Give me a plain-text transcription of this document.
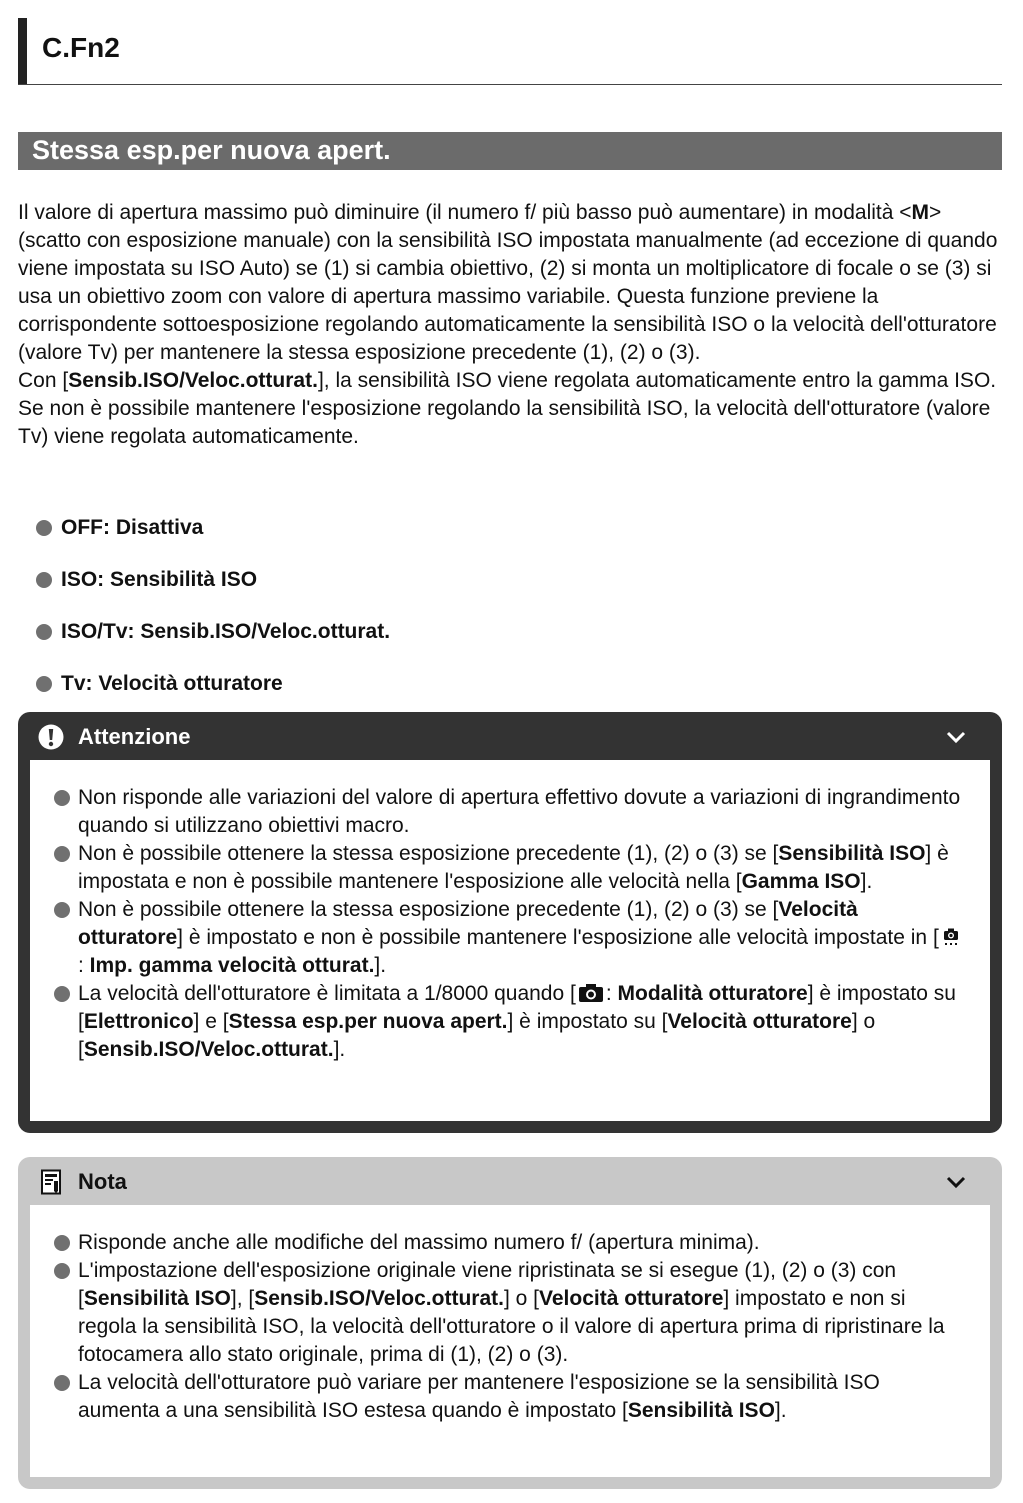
C.Fn2
Stessa esp.per nuova apert.

Il valore di apertura massimo può diminuire (il numero f/ più basso può aumentare) in modalità <M> (scatto con esposizione manuale) con la sensibilità ISO impostata manualmente (ad eccezione di quando viene impostata su ISO Auto) se (1) si cambia obiettivo, (2) si monta un moltiplicatore di focale o se (3) si usa un obiettivo zoom con valore di apertura massimo variabile. Questa funzione previene la corrispondente sottoesposizione regolando automaticamente la sensibilità ISO o la velocità dell'otturatore (valore Tv) per mantenere la stessa esposizione precedente (1), (2) o (3).

Con [Sensib.ISO/Veloc.otturat.], la sensibilità ISO viene regolata automaticamente entro la gamma ISO. Se non è possibile mantenere l'esposizione regolando la sensibilità ISO, la velocità dell'otturatore (valore Tv) viene regolata automaticamente.

OFF: Disattiva
ISO: Sensibilità ISO
ISO/Tv: Sensib.ISO/Veloc.otturat.
Tv: Velocità otturatore
Attenzione
Non risponde alle variazioni del valore di apertura effettivo dovute a variazioni di ingrandimento quando si utilizzano obiettivi macro.
Non è possibile ottenere la stessa esposizione precedente (1), (2) o (3) se [Sensibilità ISO] è impostata e non è possibile mantenere l'esposizione alle velocità nella [Gamma ISO].
Non è possibile ottenere la stessa esposizione precedente (1), (2) o (3) se [Velocità otturatore] è impostato e non è possibile mantenere l'esposizione alle velocità impostate in [: Imp. gamma velocità otturat.].
La velocità dell'otturatore è limitata a 1/8000 quando [ : Modalità otturatore] è impostato su [Elettronico] e [Stessa esp.per nuova apert.] è impostato su [Velocità otturatore] o [Sensib.ISO/Veloc.otturat.].
Nota
Risponde anche alle modifiche del massimo numero f/ (apertura minima).
L'impostazione dell'esposizione originale viene ripristinata se si esegue (1), (2) o (3) con [Sensibilità ISO], [Sensib.ISO/Veloc.otturat.] o [Velocità otturatore] impostato e non si regola la sensibilità ISO, la velocità dell'otturatore o il valore di apertura prima di ripristinare la fotocamera allo stato originale, prima di (1), (2) o (3).
La velocità dell'otturatore può variare per mantenere l'esposizione se la sensibilità ISO aumenta a una sensibilità ISO estesa quando è impostato [Sensibilità ISO].
